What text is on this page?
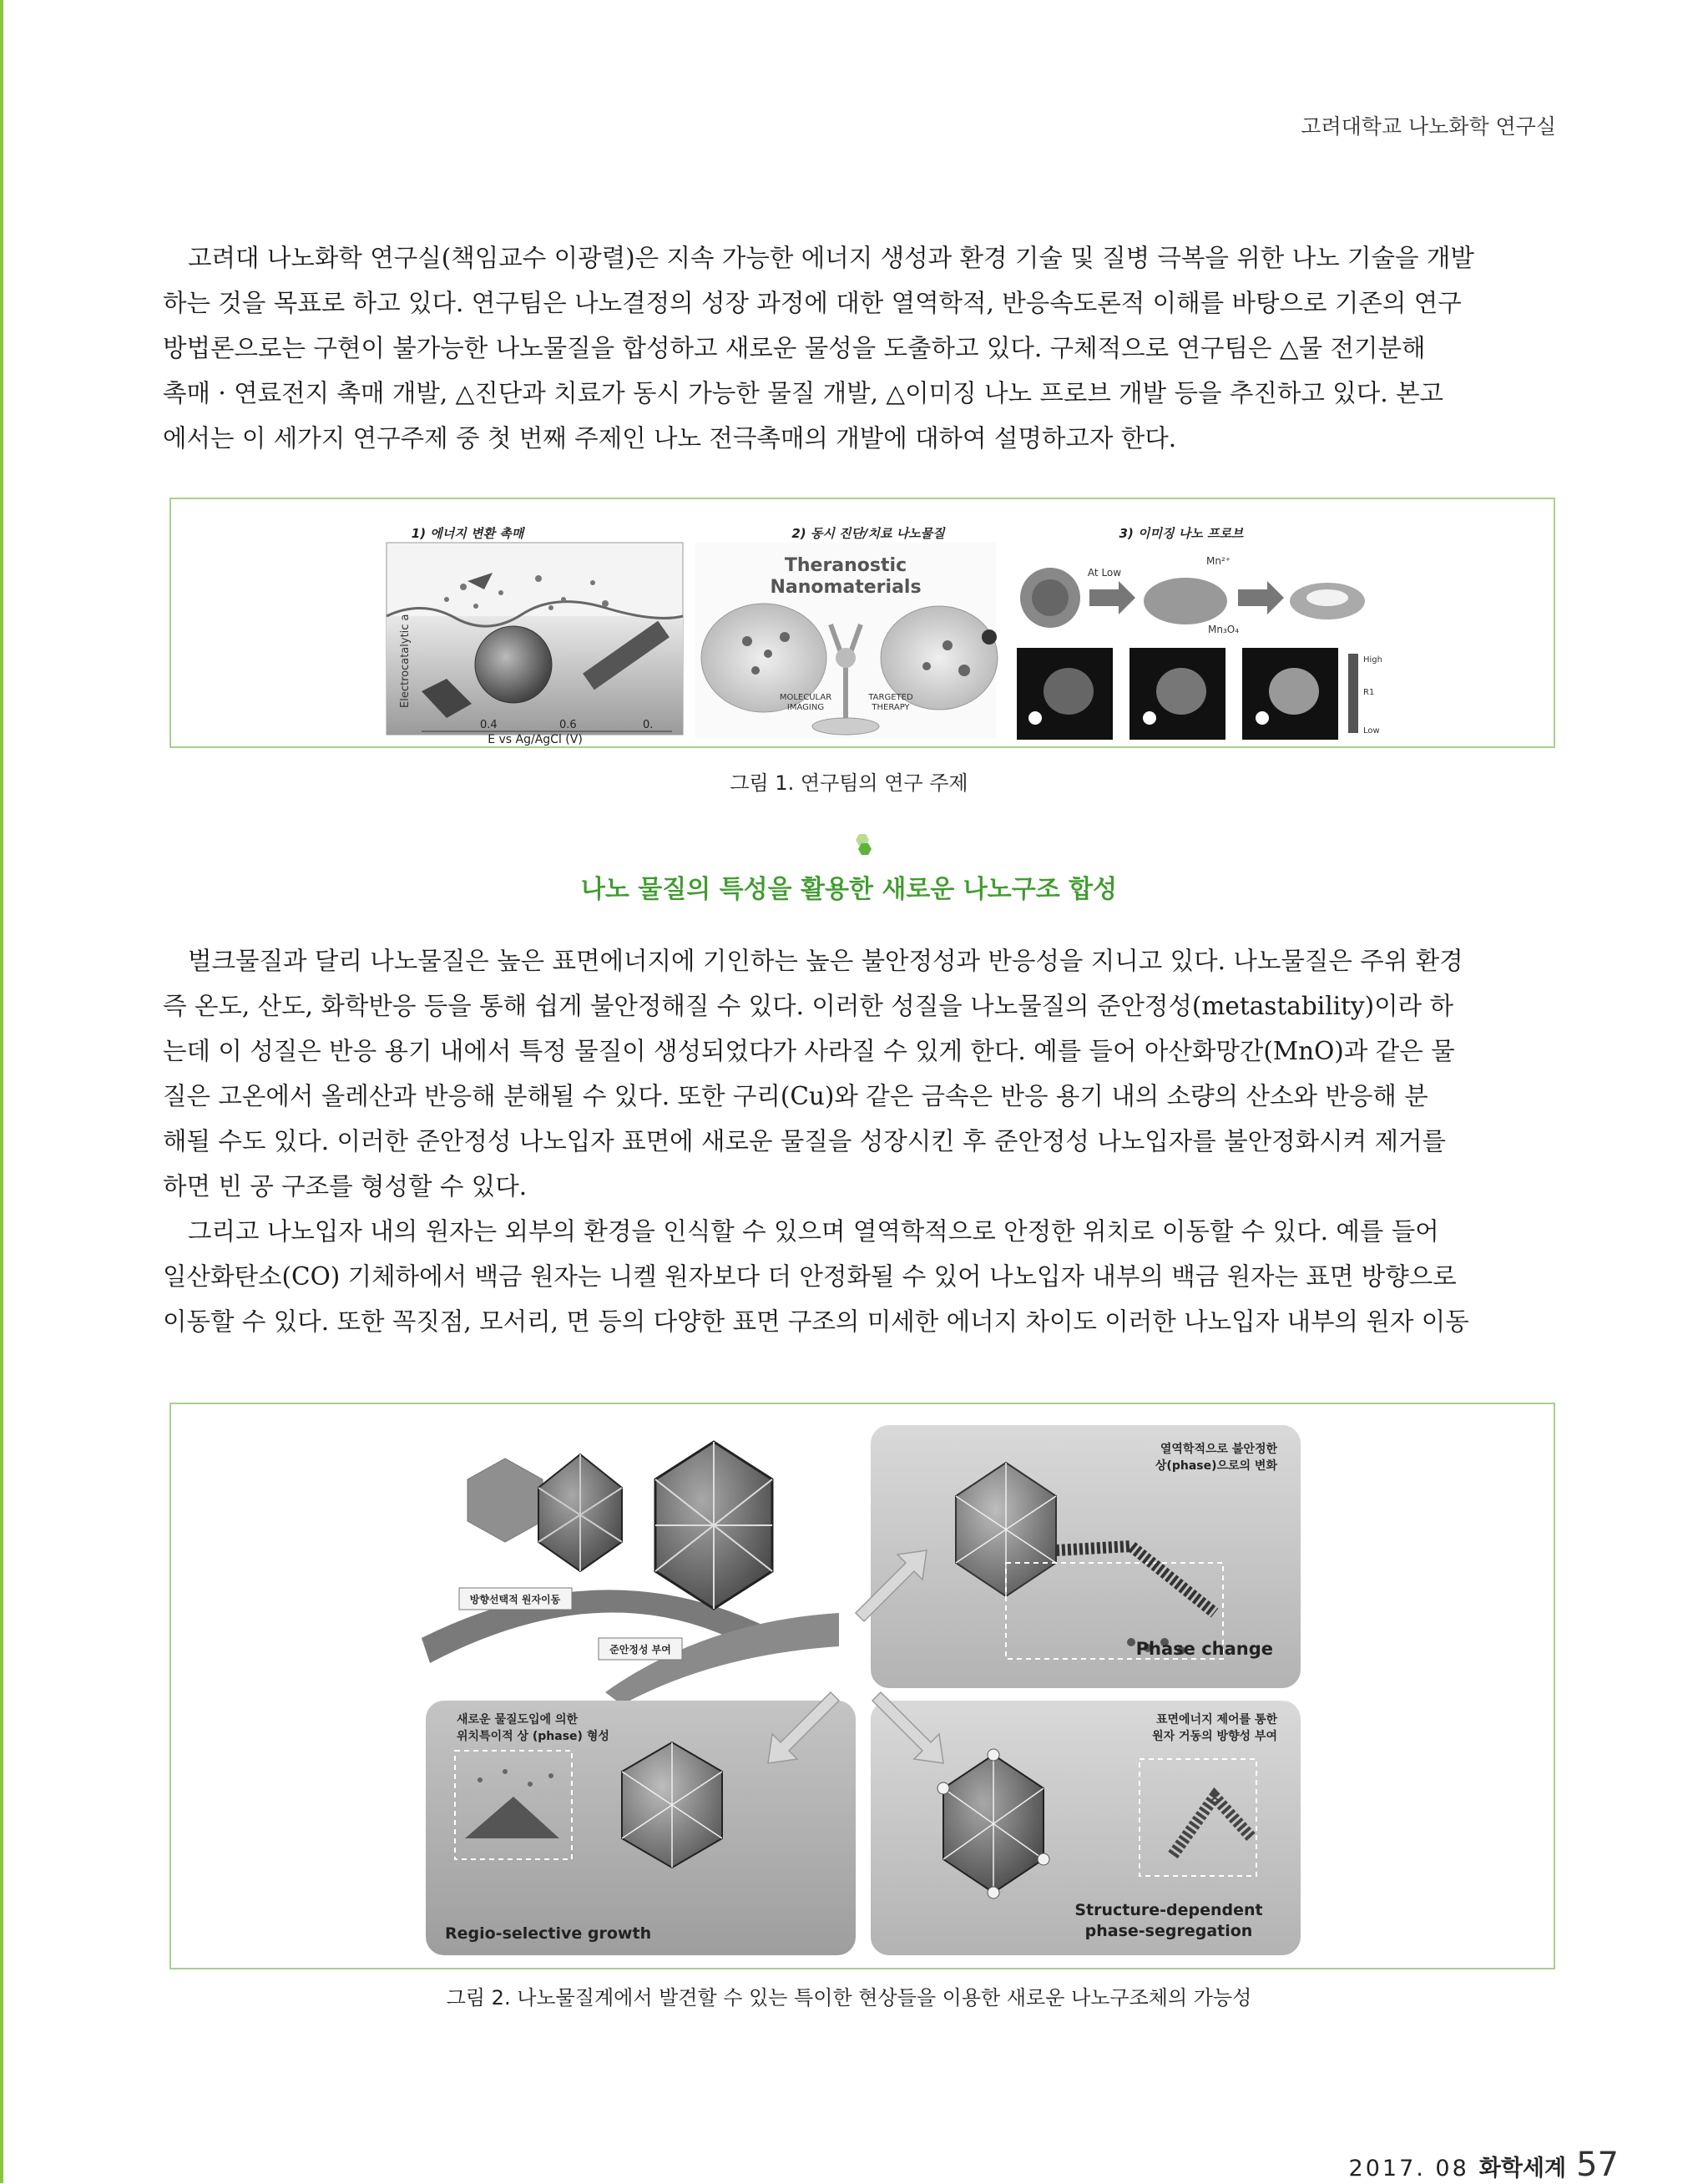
고려대학교 나노화학 연구실
고려대 나노화학 연구실(책임교수 이광렬)은 지속 가능한 에너지 생성과 환경 기술 및 질병 극복을 위한 나노 기술을 개발
하는 것을 목표로 하고 있다. 연구팀은 나노결정의 성장 과정에 대한 열역학적, 반응속도론적 이해를 바탕으로 기존의 연구
방법론으로는 구현이 불가능한 나노물질을 합성하고 새로운 물성을 도출하고 있다. 구체적으로 연구팀은 △물 전기분해
촉매 · 연료전지 촉매 개발, △진단과 치료가 동시 가능한 물질 개발, △이미징 나노 프로브 개발 등을 추진하고 있다. 본고
에서는 이 세가지 연구주제 중 첫 번째 주제인 나노 전극촉매의 개발에 대하여 설명하고자 한다.
1) 에너지 변환 촉매
Electrocatalytic a
0.4	0.6	0.
E vs Ag/AgCl (V)
2) 동시 진단/치료 나노물질
Theranostic
Nanomaterials
MOLECULAR
IMAGING
TARGETED
THERAPY
3) 이미징 나노 프로브
At Low
Mn²⁺
Mn₃O₄
High
R1
Low
그림 1. 연구팀의 연구 주제
나노 물질의 특성을 활용한 새로운 나노구조 합성
벌크물질과 달리 나노물질은 높은 표면에너지에 기인하는 높은 불안정성과 반응성을 지니고 있다. 나노물질은 주위 환경
즉 온도, 산도, 화학반응 등을 통해 쉽게 불안정해질 수 있다. 이러한 성질을 나노물질의 준안정성(metastability)이라 하
는데 이 성질은 반응 용기 내에서 특정 물질이 생성되었다가 사라질 수 있게 한다. 예를 들어 아산화망간(MnO)과 같은 물
질은 고온에서 올레산과 반응해 분해될 수 있다. 또한 구리(Cu)와 같은 금속은 반응 용기 내의 소량의 산소와 반응해 분
해될 수도 있다. 이러한 준안정성 나노입자 표면에 새로운 물질을 성장시킨 후 준안정성 나노입자를 불안정화시켜 제거를
하면 빈 공 구조를 형성할 수 있다.
그리고 나노입자 내의 원자는 외부의 환경을 인식할 수 있으며 열역학적으로 안정한 위치로 이동할 수 있다. 예를 들어
일산화탄소(CO) 기체하에서 백금 원자는 니켈 원자보다 더 안정화될 수 있어 나노입자 내부의 백금 원자는 표면 방향으로
이동할 수 있다. 또한 꼭짓점, 모서리, 면 등의 다양한 표면 구조의 미세한 에너지 차이도 이러한 나노입자 내부의 원자 이동
방향선택적 원자이동
준안정성 부여
열역학적으로 불안정한
상(phase)으로의 변화
Phase change
새로운 물질도입에 의한
위치특이적 상 (phase) 형성
Regio-selective growth
표면에너지 제어를 통한
원자 거동의 방향성 부여
Structure-dependent
phase-segregation
그림 2. 나노물질계에서 발견할 수 있는 특이한 현상들을 이용한 새로운 나노구조체의 가능성
2017. 08 화학세계 57
